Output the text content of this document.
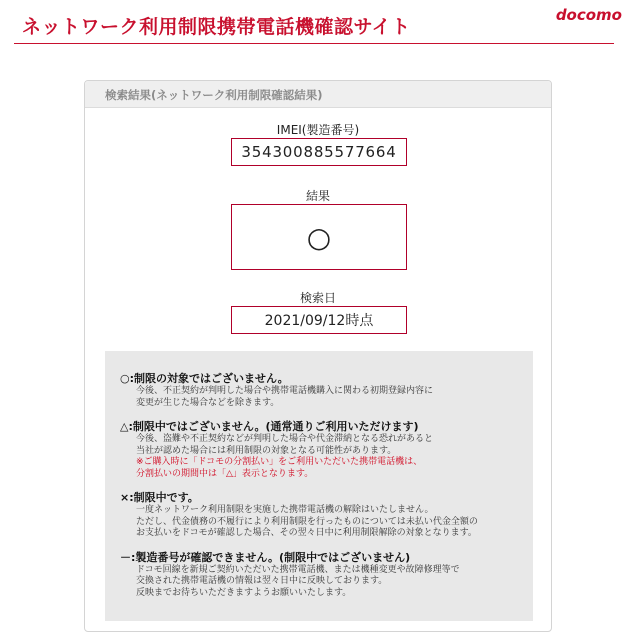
ネットワーク利用制限携帯電話機確認サイト
docomo
検索結果(ネットワーク利用制限確認結果)
IMEI(製造番号)
354300885577664
結果
○
検索日
2021/09/12時点
○:制限の対象ではございません。
今後、不正契約が判明した場合や携帯電話機購入に関わる初期登録内容に
変更が生じた場合などを除きます。
△:制限中ではございません。(通常通りご利用いただけます)
今後、盗難や不正契約などが判明した場合や代金滞納となる恐れがあると
当社が認めた場合には利用制限の対象となる可能性があります。
※ご購入時に「ドコモの分割払い」をご利用いただいた携帯電話機は、
分割払いの期間中は「△」表示となります。
×:制限中です。
一度ネットワーク利用制限を実施した携帯電話機の解除はいたしません。
ただし、代金債務の不履行により利用制限を行ったものについては未払い代金全額の
お支払いをドコモが確認した場合、その翌々日中に利用制限解除の対象となります。
－:製造番号が確認できません。(制限中ではございません)
ドコモ回線を新規ご契約いただいた携帯電話機、または機種変更や故障修理等で
交換された携帯電話機の情報は翌々日中に反映しております。
反映までお待ちいただきますようお願いいたします。
